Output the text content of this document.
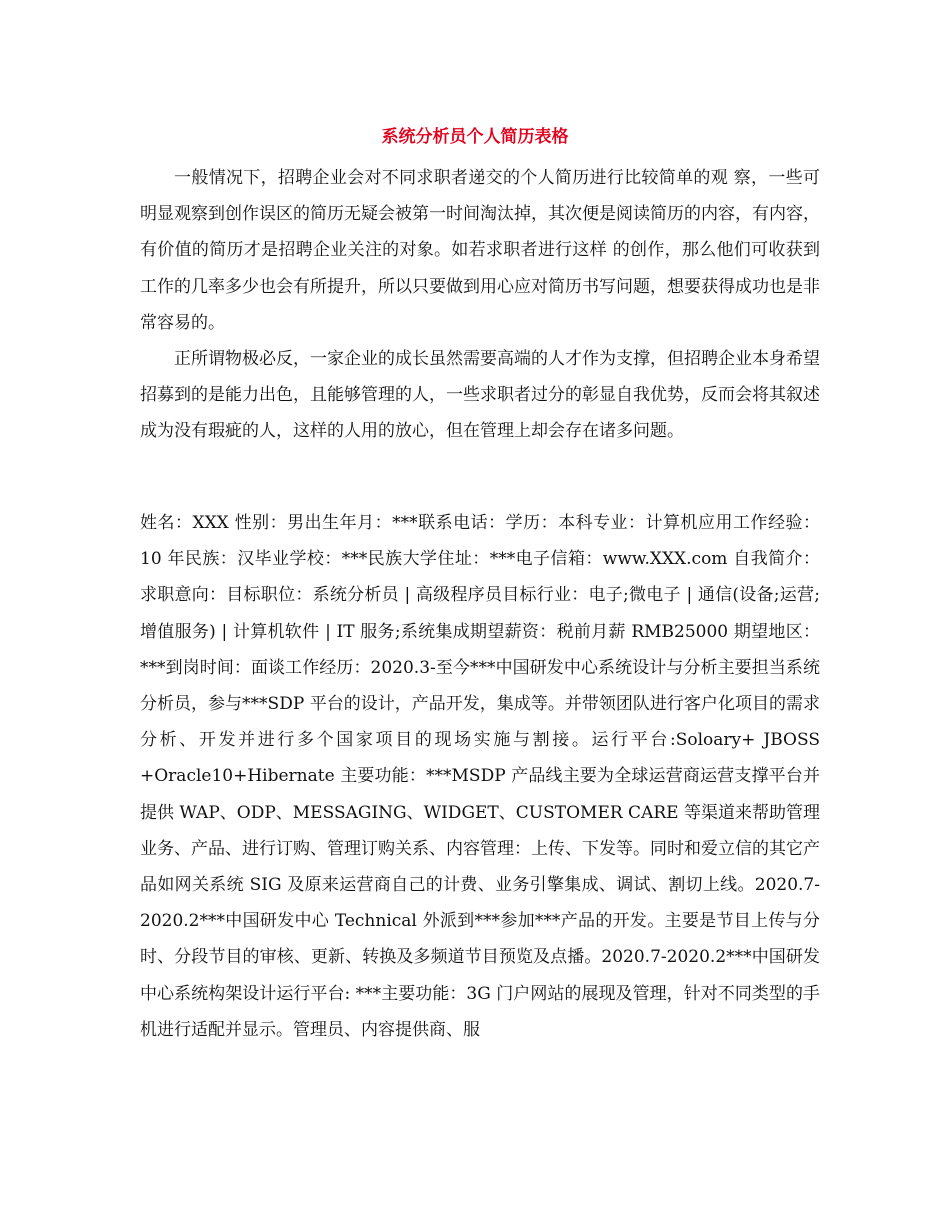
系统分析员个人简历表格

一般情况下，招聘企业会对不同求职者递交的个人简历进行比较简单的观 察，一些可明显观察到创作误区的简历无疑会被第一时间淘汰掉，其次便是阅读简历的内容，有内容，有价值的简历才是招聘企业关注的对象。如若求职者进行这样 的创作，那么他们可收获到工作的几率多少也会有所提升，所以只要做到用心应对简历书写问题，想要获得成功也是非常容易的。

正所谓物极必反，一家企业的成长虽然需要高端的人才作为支撑，但招聘企业本身希望招募到的是能力出色，且能够管理的人，一些求职者过分的彰显自我优势，反而会将其叙述成为没有瑕疵的人，这样的人用的放心，但在管理上却会存在诸多问题。

姓名：XXX 性别：男出生年月：***联系电话：学历：本科专业：计算机应用工作经验：10 年民族：汉毕业学校：***民族大学住址：***电子信箱：www.XXX.com 自我简介：求职意向：目标职位：系统分析员 | 高级程序员目标行业：电子;微电子 | 通信(设备;运营;增值服务) | 计算机软件 | IT 服务;系统集成期望薪资：税前月薪 RMB25000 期望地区：***到岗时间：面谈工作经历：2020.3-至今***中国研发中心系统设计与分析主要担当系统分析员，参与***SDP 平台的设计，产品开发，集成等。并带领团队进行客户化项目的需求分析、开发并进行多个国家项目的现场实施与割接。运行平台:Soloary+ JBOSS +Oracle10+Hibernate 主要功能：***MSDP 产品线主要为全球运营商运营支撑平台并提供 WAP、ODP、MESSAGING、WIDGET、CUSTOMER CARE 等渠道来帮助管理业务、产品、进行订购、管理订购关系、内容管理：上传、下发等。同时和爱立信的其它产品如网关系统 SIG 及原来运营商自己的计费、业务引擎集成、调试、割切上线。2020.7-2020.2***中国研发中心 Technical 外派到***参加***产品的开发。主要是节目上传与分时、分段节目的审核、更新、转换及多频道节目预览及点播。2020.7-2020.2***中国研发中心系统构架设计运行平台: ***主要功能：3G 门户网站的展现及管理，针对不同类型的手机进行适配并显示。管理员、内容提供商、服
